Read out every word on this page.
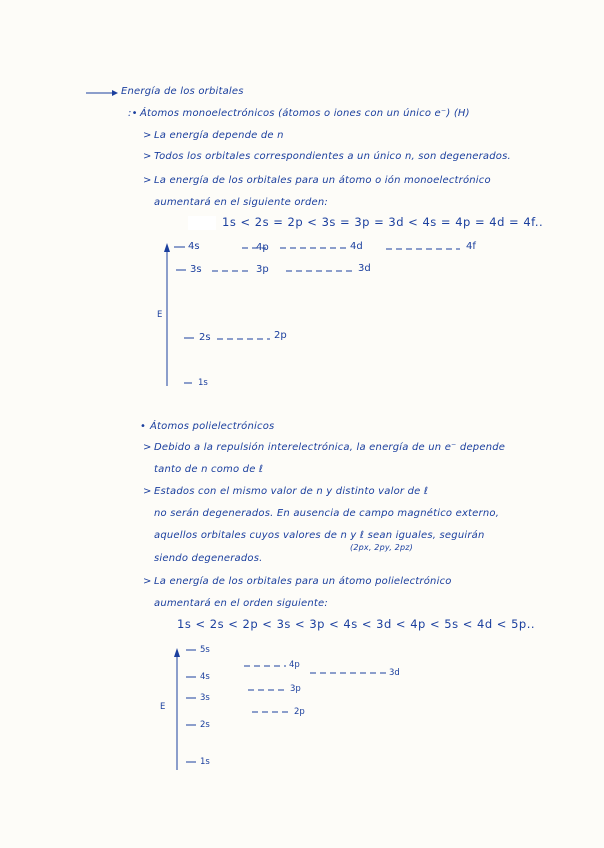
Energía de los orbitales
:• Átomos monoelectrónicos (átomos o iones con un único e⁻) (H)
> La energía depende de n
> Todos los orbitales correspondientes a un único n, son degenerados.
> La energía de los orbitales para un átomo o ión monoelectrónico
aumentará en el siguiente orden:
1s < 2s = 2p < 3s = 3p = 3d < 4s = 4p = 4d = 4f..
E
4s	4p	4d	4f
3s	3p	3d
2s	2p
1s
• Átomos polielectrónicos
> Debido a la repulsión interelectrónica, la energía de un e⁻ depende
tanto de n como de ℓ
> Estados con el mismo valor de n y distinto valor de ℓ
no serán degenerados. En ausencia de campo magnético externo,
aquellos orbitales cuyos valores de n y ℓ sean iguales, seguirán
(2px, 2py, 2pz)
siendo degenerados.
> La energía de los orbitales para un átomo polielectrónico
aumentará en el orden siguiente:
1s < 2s < 2p < 3s < 3p < 4s < 3d < 4p < 5s < 4d < 5p..
E
5s
4s
4p
3d
3s
3p
2s
2p
1s
